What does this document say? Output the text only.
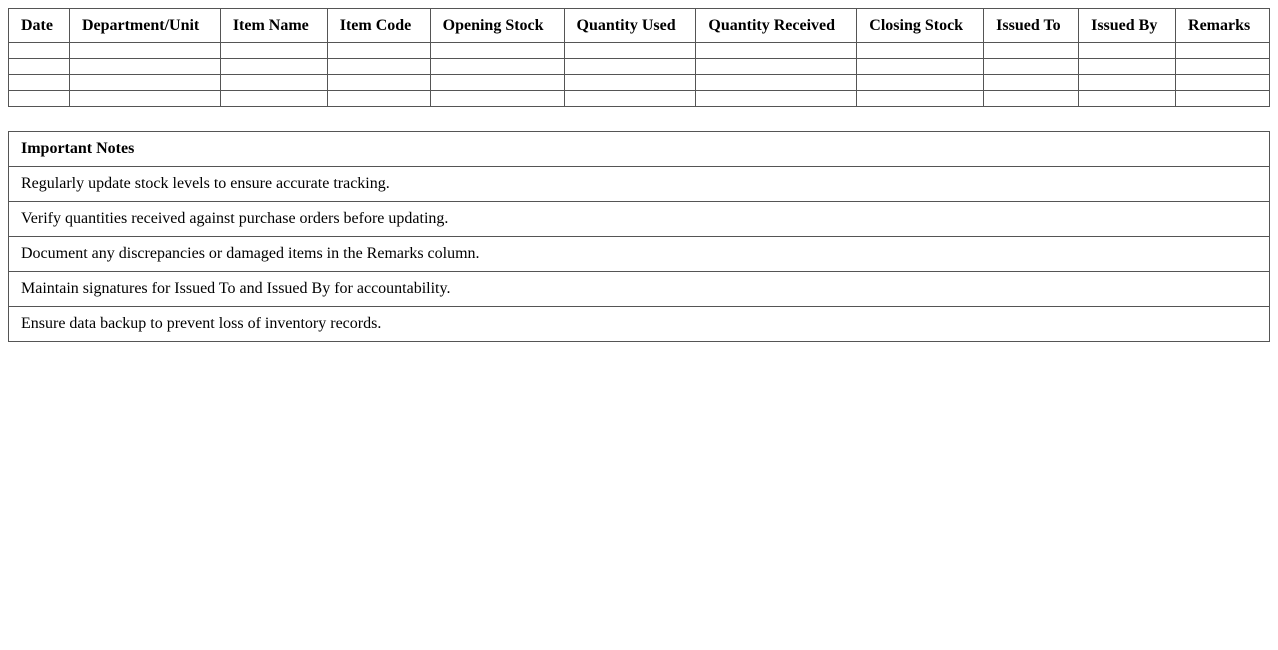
Date	Department/Unit	Item Name	Item Code	Opening Stock	Quantity Used	Quantity Received	Closing Stock	Issued To	Issued By	Remarks

Important Notes
Regularly update stock levels to ensure accurate tracking.
Verify quantities received against purchase orders before updating.
Document any discrepancies or damaged items in the Remarks column.
Maintain signatures for Issued To and Issued By for accountability.
Ensure data backup to prevent loss of inventory records.
